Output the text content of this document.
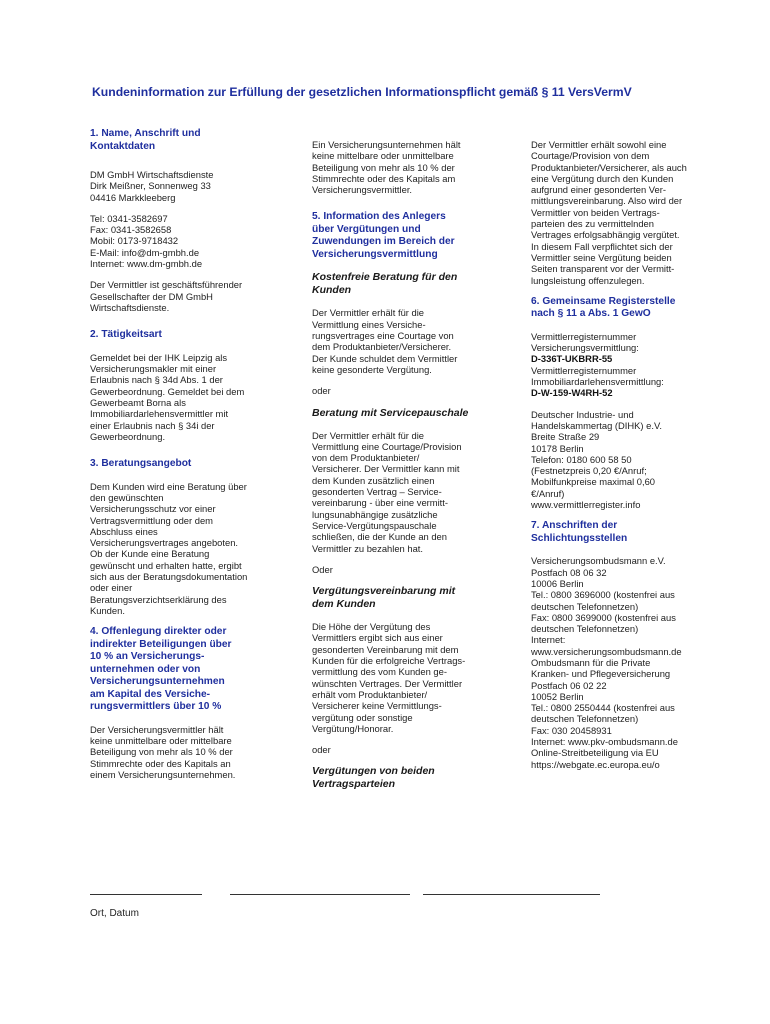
Kundeninformation zur Erfüllung der gesetzlichen Informationspflicht gemäß § 11 VersVermV
1. Name, Anschrift und
Kontaktdaten
DM GmbH Wirtschaftsdienste
Dirk Meißner, Sonnenweg 33
04416 Markkleeberg
Tel: 0341-3582697
Fax: 0341-3582658
Mobil: 0173-9718432
E-Mail: info@dm-gmbh.de
Internet: www.dm-gmbh.de
Der Vermittler ist geschäftsführender
Gesellschafter der DM GmbH
Wirtschaftsdienste.
2. Tätigkeitsart
Gemeldet bei der IHK Leipzig als
Versicherungsmakler mit einer
Erlaubnis nach § 34d Abs. 1 der
Gewerbeordnung. Gemeldet bei dem
Gewerbeamt Borna als
Immobiliardarlehensvermittler mit
einer Erlaubnis nach § 34i der
Gewerbeordnung.
3. Beratungsangebot
Dem Kunden wird eine Beratung über
den gewünschten
Versicherungsschutz vor einer
Vertragsvermittlung oder dem
Abschluss eines
Versicherungsvertrages angeboten.
Ob der Kunde eine Beratung
gewünscht und erhalten hatte, ergibt
sich aus der Beratungsdokumentation
oder einer
Beratungsverzichtserklärung des
Kunden.
4. Offenlegung direkter oder
indirekter Beteiligungen über
10 % an Versicherungs-
unternehmen oder von
Versicherungsunternehmen
am Kapital des Versiche-
rungsvermittlers über 10 %
Der Versicherungsvermittler hält
keine unmittelbare oder mittelbare
Beteiligung von mehr als 10 % der
Stimmrechte oder des Kapitals an
einem Versicherungsunternehmen.
Ein Versicherungsunternehmen hält
keine mittelbare oder unmittelbare
Beteiligung von mehr als 10 % der
Stimmrechte oder des Kapitals am
Versicherungsvermittler.
5. Information des Anlegers
über Vergütungen und
Zuwendungen im Bereich der
Versicherungsvermittlung
Kostenfreie Beratung für den
Kunden
Der Vermittler erhält für die
Vermittlung eines Versiche-
rungsvertrages eine Courtage von
dem Produktanbieter/Versicherer.
Der Kunde schuldet dem Vermittler
keine gesonderte Vergütung.
oder
Beratung mit Servicepauschale
Der Vermittler erhält für die
Vermittlung eine Courtage/Provision
von dem Produktanbieter/
Versicherer. Der Vermittler kann mit
dem Kunden zusätzlich einen
gesonderten Vertrag – Service-
vereinbarung - über eine vermitt-
lungsunabhängige zusätzliche
Service-Vergütungspauschale
schließen, die der Kunde an den
Vermittler zu bezahlen hat.
Oder
Vergütungsvereinbarung mit
dem Kunden
Die Höhe der Vergütung des
Vermittlers ergibt sich aus einer
gesonderten Vereinbarung mit dem
Kunden für die erfolgreiche Vertrags-
vermittlung des vom Kunden ge-
wünschten Vertrages. Der Vermittler
erhält vom Produktanbieter/
Versicherer keine Vermittlungs-
vergütung oder sonstige
Vergütung/Honorar.
oder
Vergütungen von beiden
Vertragsparteien
Der Vermittler erhält sowohl eine
Courtage/Provision von dem
Produktanbieter/Versicherer, als auch
eine Vergütung durch den Kunden
aufgrund einer gesonderten Ver-
mittlungsvereinbarung. Also wird der
Vermittler von beiden Vertrags-
parteien des zu vermittelnden
Vertrages erfolgsabhängig vergütet.
In diesem Fall verpflichtet sich der
Vermittler seine Vergütung beiden
Seiten transparent vor der Vermitt-
lungsleistung offenzulegen.
6. Gemeinsame Registerstelle
nach § 11 a Abs. 1 GewO
Vermittlerregisternummer
Versicherungsvermittlung:
D-336T-UKBRR-55
Vermittlerregisternummer
Immobiliardarlehensvermittlung:
D-W-159-W4RH-52
Deutscher Industrie- und
Handelskammertag (DIHK) e.V.
Breite Straße 29
10178 Berlin
Telefon: 0180 600 58 50
(Festnetzpreis 0,20 €/Anruf;
Mobilfunkpreise maximal 0,60
€/Anruf)
www.vermittlerregister.info
7. Anschriften der
Schlichtungsstellen
Versicherungsombudsmann e.V.
Postfach 08 06 32
10006 Berlin
Tel.: 0800 3696000 (kostenfrei aus
deutschen Telefonnetzen)
Fax: 0800 3699000 (kostenfrei aus
deutschen Telefonnetzen)
Internet:
www.versicherungsombudsmann.de
Ombudsmann für die Private
Kranken- und Pflegeversicherung
Postfach 06 02 22
10052 Berlin
Tel.: 0800 2550444 (kostenfrei aus
deutschen Telefonnetzen)
Fax: 030 20458931
Internet: www.pkv-ombudsmann.de
Online-Streitbeteiligung via EU
https://webgate.ec.europa.eu/o
Ort, Datum
